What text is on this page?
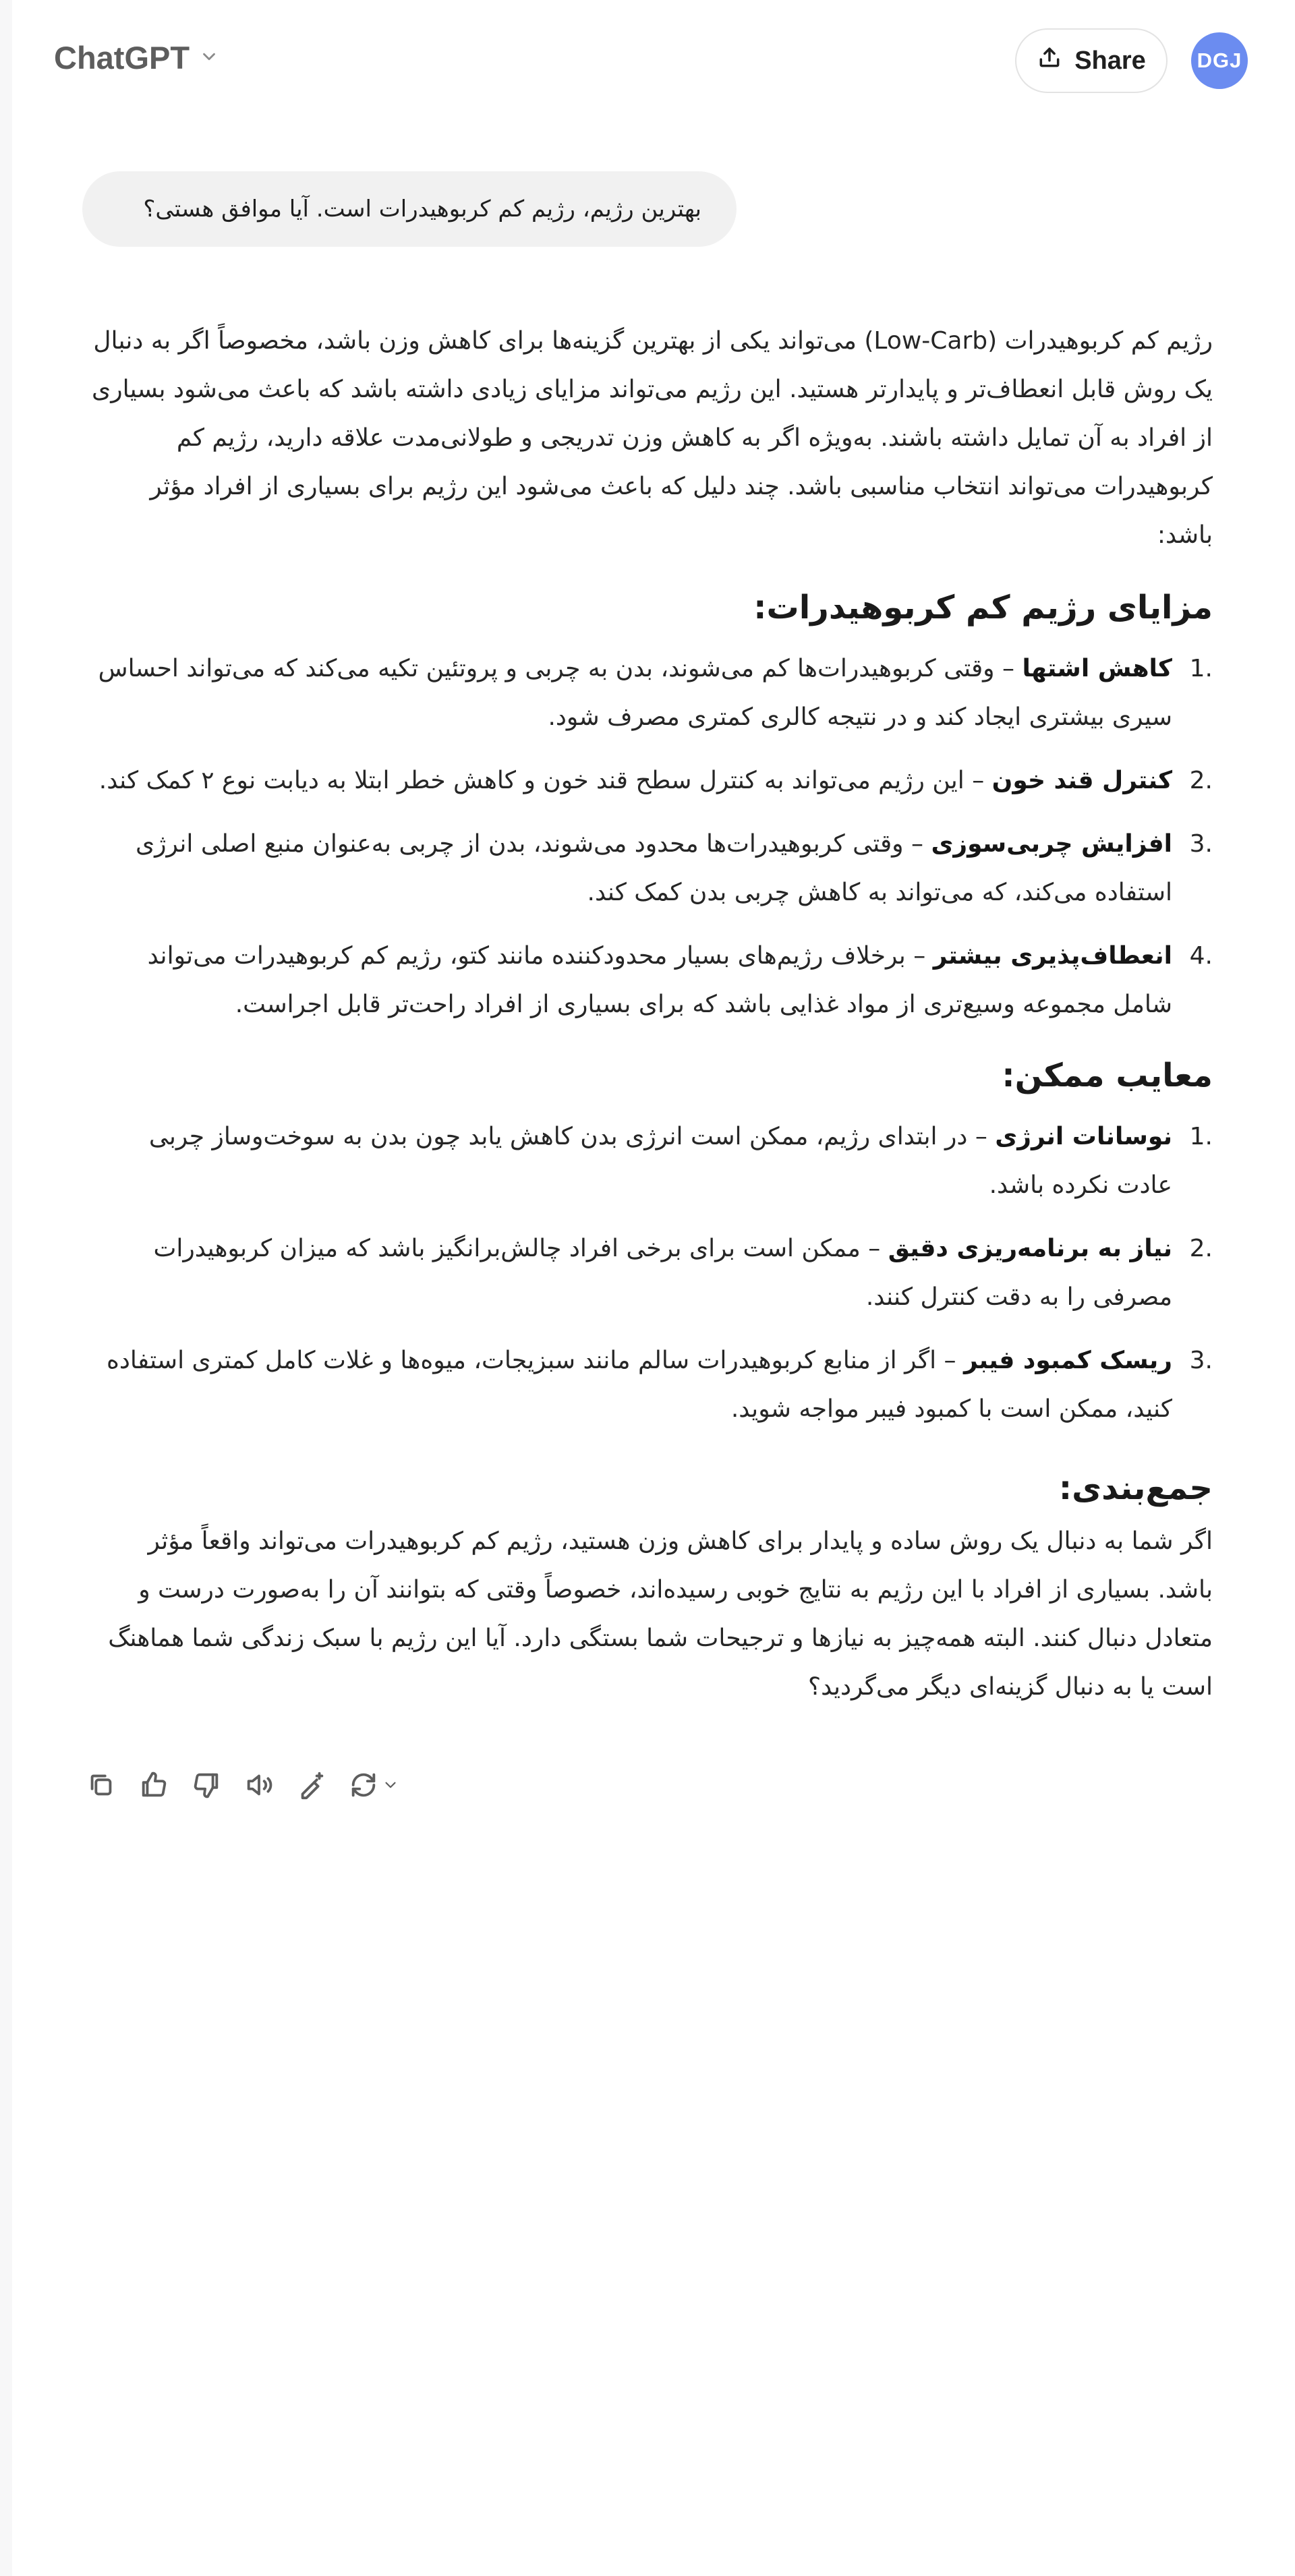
ChatGPT	Share DGJ
بهترین رژیم، رژیم کم کربوهیدرات است. آیا موافق هستی؟

رژیم کم کربوهیدرات (Low-Carb) می‌تواند یکی از بهترین گزینه‌ها برای کاهش وزن باشد، مخصوصاً اگر به دنبال یک روش قابل انعطاف‌تر و پایدارتر هستید. این رژیم می‌تواند مزایای زیادی داشته باشد که باعث می‌شود بسیاری از افراد به آن تمایل داشته باشند. به‌ویژه اگر به کاهش وزن تدریجی و طولانی‌مدت علاقه دارید، رژیم کم کربوهیدرات می‌تواند انتخاب مناسبی باشد. چند دلیل که باعث می‌شود این رژیم برای بسیاری از افراد مؤثر باشد:

مزایای رژیم کم کربوهیدرات:
1.
کاهش اشتها – وقتی کربوهیدرات‌ها کم می‌شوند، بدن به چربی و پروتئین تکیه می‌کند که می‌تواند احساس سیری بیشتری ایجاد کند و در نتیجه کالری کمتری مصرف شود.
2.
کنترل قند خون – این رژیم می‌تواند به کنترل سطح قند خون و کاهش خطر ابتلا به دیابت نوع ۲ کمک کند.
3.
افزایش چربی‌سوزی – وقتی کربوهیدرات‌ها محدود می‌شوند، بدن از چربی به‌عنوان منبع اصلی انرژی استفاده می‌کند، که می‌تواند به کاهش چربی بدن کمک کند.
4.
انعطاف‌پذیری بیشتر – برخلاف رژیم‌های بسیار محدودکننده مانند کتو، رژیم کم کربوهیدرات می‌تواند شامل مجموعه وسیع‌تری از مواد غذایی باشد که برای بسیاری از افراد راحت‌تر قابل اجراست.
معایب ممکن:
1.
نوسانات انرژی – در ابتدای رژیم، ممکن است انرژی بدن کاهش یابد چون بدن به سوخت‌وساز چربی عادت نکرده باشد.
2.
نیاز به برنامه‌ریزی دقیق – ممکن است برای برخی افراد چالش‌برانگیز باشد که میزان کربوهیدرات مصرفی را به دقت کنترل کنند.
3.
ریسک کمبود فیبر – اگر از منابع کربوهیدرات سالم مانند سبزیجات، میوه‌ها و غلات کامل کمتری استفاده کنید، ممکن است با کمبود فیبر مواجه شوید.
جمع‌بندی:

اگر شما به دنبال یک روش ساده و پایدار برای کاهش وزن هستید، رژیم کم کربوهیدرات می‌تواند واقعاً مؤثر باشد. بسیاری از افراد با این رژیم به نتایج خوبی رسیده‌اند، خصوصاً وقتی که بتوانند آن را به‌صورت درست و متعادل دنبال کنند. البته همه‌چیز به نیازها و ترجیحات شما بستگی دارد. آیا این رژیم با سبک زندگی شما هماهنگ است یا به دنبال گزینه‌ای دیگر می‌گردید؟
